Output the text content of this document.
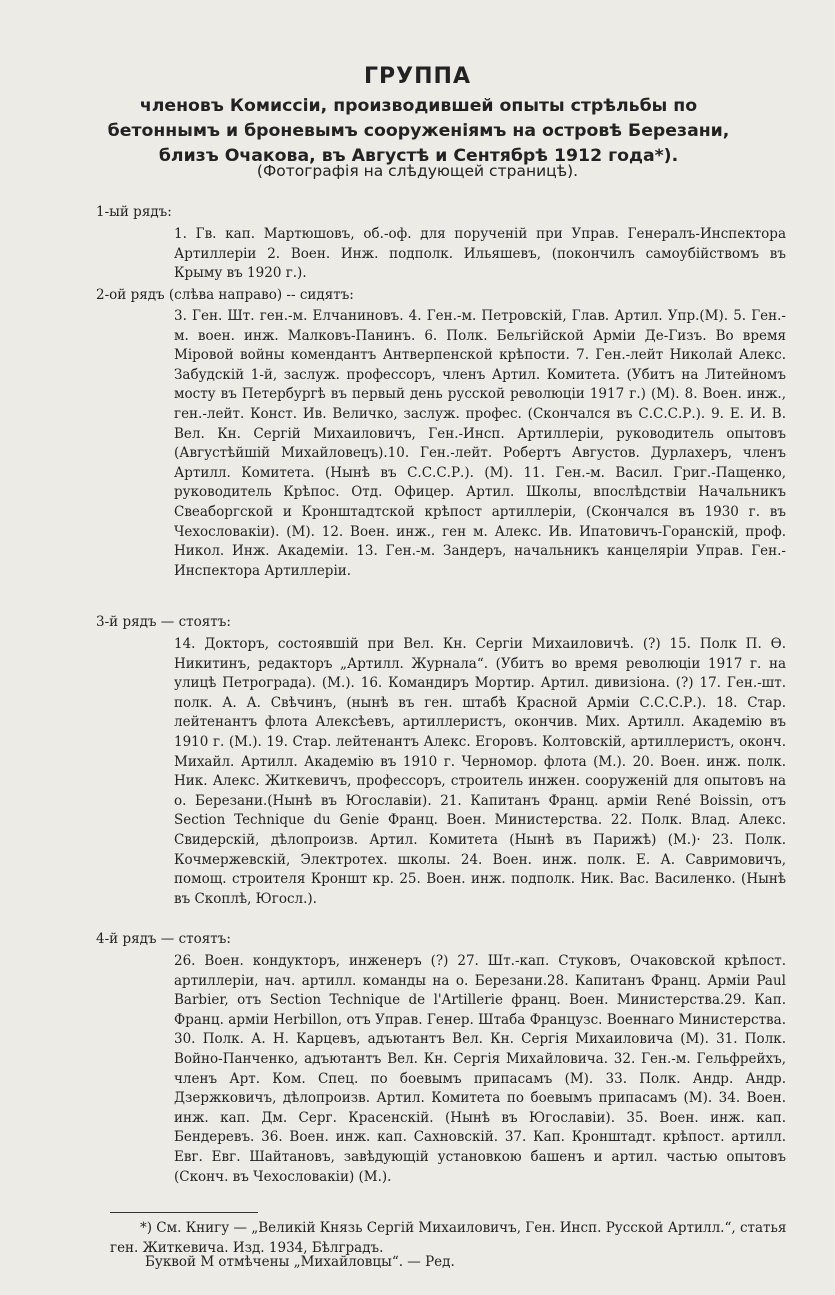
ГРУППА
членовъ Комиссіи, производившей опыты стрѣльбы по бетоннымъ и броневымъ сооруженіямъ на островѣ Березани, близъ Очакова, въ Августѣ и Сентябрѣ 1912 года*).
(Фотографія на слѣдующей страницѣ).
1-ый рядъ:

1. Гв. кап. Мартюшовъ, об.-оф. для порученій при Управ. Генералъ-Инспектора Артиллеріи 2. Воен. Инж. подполк. Ильяшевъ, (покончилъ самоубійствомъ въ Крыму въ 1920 г.).

2-ой рядъ (слѣва направо) -- сидятъ:

3. Ген. Шт. ген.-м. Елчаниновъ. 4. Ген.-м. Петровскій, Глав. Артил. Упр.(М). 5. Ген.-м. воен. инж. Малковъ-Панинъ. 6. Полк. Бельгійской Арміи Де-Гизъ. Во время Міровой войны комендантъ Антверпенской крѣпости. 7. Ген.-лейт Николай Алекс. Забудскій 1-й, заслуж. профессоръ, членъ Артил. Комитета. (Убитъ на Литейномъ мосту въ Петербургѣ въ первый день русской революціи 1917 г.) (М). 8. Воен. инж., ген.-лейт. Конст. Ив. Величко, заслуж. профес. (Скончался въ С.С.С.Р.). 9. Е. И. В. Вел. Кн. Сергій Михаиловичъ, Ген.-Инсп. Артиллеріи, руководитель опытовъ (Августѣйшій Михайловецъ).10. Ген.-лейт. Робертъ Августов. Дурлахеръ, членъ Артилл. Комитета. (Нынѣ въ С.С.С.Р.). (М). 11. Ген.-м. Васил. Григ.-Пащенко, руководитель Крѣпос. Отд. Офицер. Артил. Школы, впослѣдствіи Начальникъ Свеаборгской и Кронштадтской крѣпост артиллеріи, (Скончался въ 1930 г. въ Чехословакіи). (М). 12. Воен. инж., ген м. Алекс. Ив. Ипатовичъ-Горанскій, проф. Никол. Инж. Академіи. 13. Ген.-м. Зандеръ, начальникъ канцеляріи Управ. Ген.-Инспектора Артиллеріи.

3-й рядъ — стоятъ:

14. Докторъ, состоявшій при Вел. Кн. Сергіи Михаиловичѣ. (?) 15. Полк П. Ѳ. Никитинъ, редакторъ „Артилл. Журнала“. (Убитъ во время революціи 1917 г. на улицѣ Петрограда). (М.). 16. Командиръ Мортир. Артил. дивизіона. (?) 17. Ген.-шт. полк. А. А. Свѣчинъ, (нынѣ въ ген. штабѣ Красной Арміи С.С.С.Р.). 18. Стар. лейтенантъ флота Алексѣевъ, артиллеристъ, окончив. Мих. Артилл. Академію въ 1910 г. (М.). 19. Стар. лейтенантъ Алекс. Егоровъ. Колтовскій, артиллеристъ, оконч. Михайл. Артилл. Академію въ 1910 г. Черномор. флота (М.). 20. Воен. инж. полк. Ник. Алекс. Житкевичъ, профессоръ, строитель инжен. сооруженій для опытовъ на о. Березани.(Нынѣ въ Югославіи). 21. Капитанъ Франц. арміи René Boissin, отъ Section Technique du Genie Франц. Воен. Министерства. 22. Полк. Влад. Алекс. Свидерскій, дѣлопроизв. Артил. Комитета (Нынѣ въ Парижѣ) (М.)· 23. Полк. Кочмержевскій, Электротех. школы. 24. Воен. инж. полк. Е. А. Савримовичъ, помощ. строителя Кроншт кр. 25. Воен. инж. подполк. Ник. Вас. Василенко. (Нынѣ въ Скоплѣ, Югосл.).

4-й рядъ — стоятъ:

26. Воен. кондукторъ, инженеръ (?) 27. Шт.-кап. Стуковъ, Очаковской крѣпост. артиллеріи, нач. артилл. команды на о. Березани.28. Капитанъ Франц. Арміи Paul Barbier, отъ Section Technique de l'Artillerie франц. Воен. Министерства.29. Кап. Франц. арміи Herbillon, отъ Управ. Генер. Штаба Французс. Военнаго Министерства. 30. Полк. А. Н. Карцевъ, адъютантъ Вел. Кн. Сергія Михаиловича (М). 31. Полк. Войно-Панченко, адъютантъ Вел. Кн. Сергія Михайловича. 32. Ген.-м. Гельфрейхъ, членъ Арт. Ком. Спец. по боевымъ припасамъ (М). 33. Полк. Андр. Андр. Дзержковичъ, дѣлопроизв. Артил. Комитета по боевымъ припасамъ (М). 34. Воен. инж. кап. Дм. Серг. Красенскій. (Нынѣ въ Югославіи). 35. Воен. инж. кап. Бендеревъ. 36. Воен. инж. кап. Сахновскій. 37. Кап. Кронштадт. крѣпост. артилл. Евг. Евг. Шайтановъ, завѣдующій установкою башенъ и артил. частью опытовъ (Сконч. въ Чехословакіи) (М.).

*) См. Книгу — „Великій Князь Сергій Михаиловичъ, Ген. Инсп. Русской Артилл.“, статья ген. Житкевича. Изд. 1934, Бѣлградъ.
Буквой М отмѣчены „Михайловцы“. — Ред.
